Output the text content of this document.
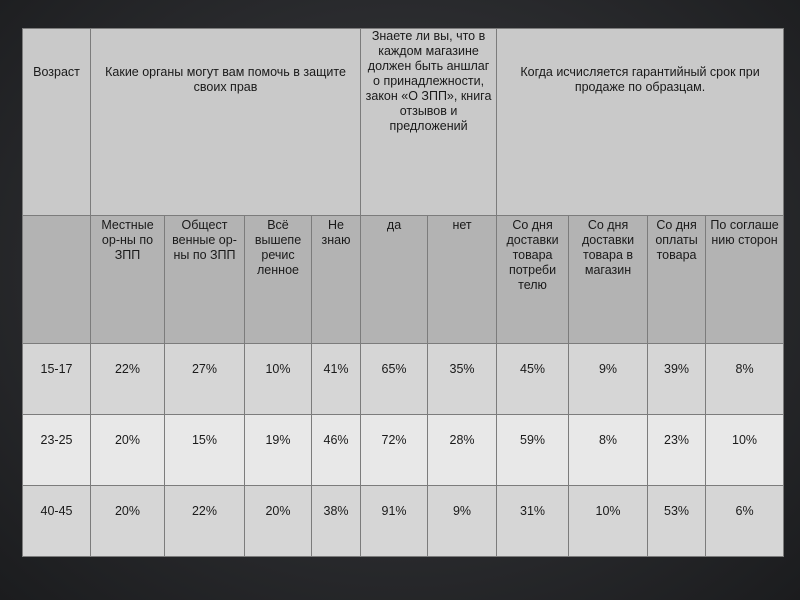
Возраст	Какие органы могут вам помочь в защите своих прав				Знаете ли вы, что в каждом магазине должен быть аншлаг о принадлежности, закон «О ЗПП», книга отзывов и предложений		Когда исчисляется гарантийный срок при продаже по образцам.			
	Местные ор-ны по ЗПП	Общест венные ор-ны по ЗПП	Всё вышепе речис ленное	Не знаю	да	нет	Со дня доставки товара потреби телю	Со дня доставки товара в магазин	Со дня оплаты товара	По соглаше нию сторон
15-17	22%	27%	10%	41%	65%	35%	45%	9%	39%	8%
23-25	20%	15%	19%	46%	72%	28%	59%	8%	23%	10%
40-45	20%	22%	20%	38%	91%	9%	31%	10%	53%	6%
